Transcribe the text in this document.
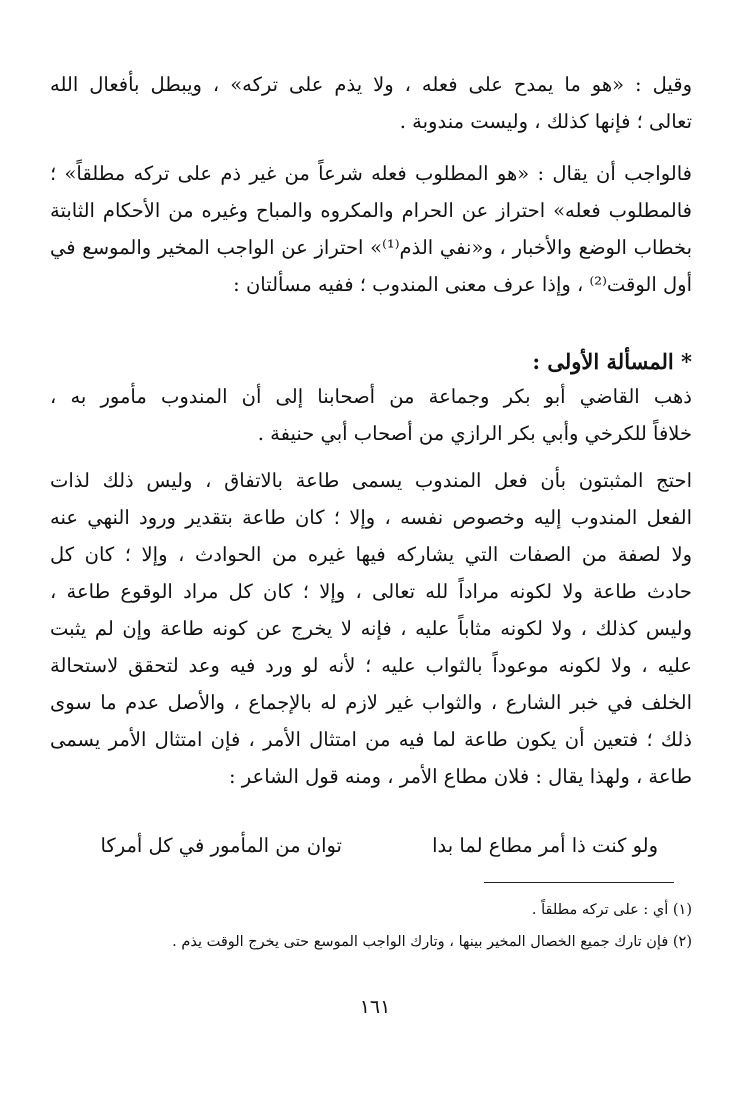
وقيل : «هو ما يمدح على فعله ، ولا يذم على تركه» ، ويبطل بأفعال الله
تعالى ؛ فإنها كذلك ، وليست مندوبة .
فالواجب أن يقال : «هو المطلوب فعله شرعاً من غير ذم على تركه مطلقاً» ؛
فالمطلوب فعله» احتراز عن الحرام والمكروه والمباح وغيره من الأحكام الثابتة
بخطاب الوضع والأخبار ، و«نفي الذم⁽¹⁾» احتراز عن الواجب المخير والموسع في
أول الوقت⁽²⁾ ، وإذا عرف معنى المندوب ؛ ففيه مسألتان :
* المسألة الأولى :
ذهب القاضي أبو بكر وجماعة من أصحابنا إلى أن المندوب مأمور به ،
خلافاً للكرخي وأبي بكر الرازي من أصحاب أبي حنيفة .
احتج المثبتون بأن فعل المندوب يسمى طاعة بالاتفاق ، وليس ذلك لذات
الفعل المندوب إليه وخصوص نفسه ، وإلا ؛ كان طاعة بتقدير ورود النهي عنه
ولا لصفة من الصفات التي يشاركه فيها غيره من الحوادث ، وإلا ؛ كان كل
حادث طاعة ولا لكونه مراداً لله تعالى ، وإلا ؛ كان كل مراد الوقوع طاعة ،
وليس كذلك ، ولا لكونه مثاباً عليه ، فإنه لا يخرج عن كونه طاعة وإن لم يثبت
عليه ، ولا لكونه موعوداً بالثواب عليه ؛ لأنه لو ورد فيه وعد لتحقق لاستحالة
الخلف في خبر الشارع ، والثواب غير لازم له بالإجماع ، والأصل عدم ما سوى
ذلك ؛ فتعين أن يكون طاعة لما فيه من امتثال الأمر ، فإن امتثال الأمر يسمى
طاعة ، ولهذا يقال : فلان مطاع الأمر ، ومنه قول الشاعر :
ولو كنت ذا أمر مطاع لما بدا
توان من المأمور في كل أمركا
(١) أي : على تركه مطلقاً .
(٢) فإن تارك جميع الخصال المخير بينها ، وتارك الواجب الموسع حتى يخرج الوقت يذم .
١٦١
